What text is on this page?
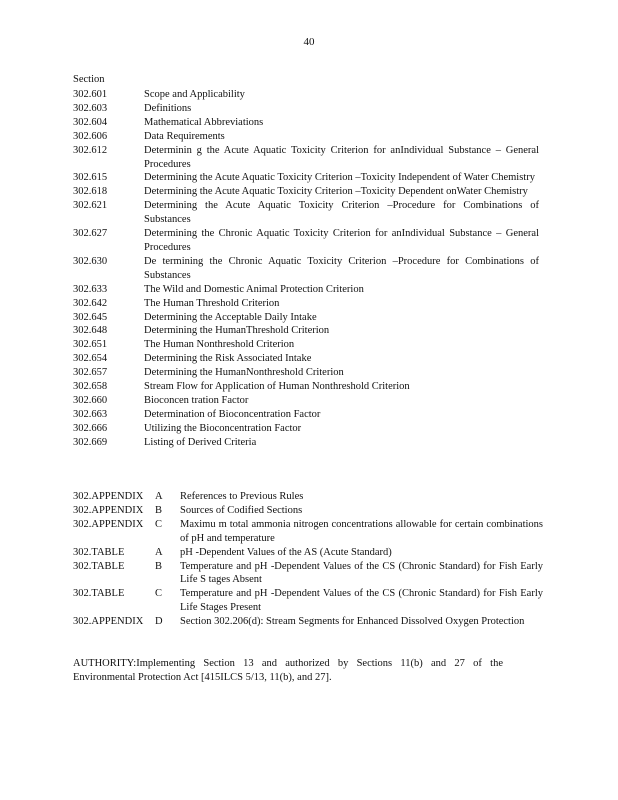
40
Section
302.601	Scope and Applicability
302.603	Definitions
302.604	Mathematical Abbreviations
302.606	Data Requirements
302.612	Determinin g the Acute Aquatic Toxicity Criterion for anIndividual Substance – General Procedures
302.615	Determining the Acute Aquatic Toxicity Criterion –Toxicity Independent of Water Chemistry
302.618	Determining the Acute Aquatic Toxicity Criterion –Toxicity Dependent onWater Chemistry
302.621	Determining the Acute Aquatic Toxicity Criterion –Procedure for Combinations of Substances
302.627	Determining the Chronic Aquatic Toxicity Criterion for anIndividual Substance – General Procedures
302.630	De termining the Chronic Aquatic Toxicity Criterion –Procedure for Combinations of Substances
302.633	The Wild and Domestic Animal Protection Criterion
302.642	The Human Threshold Criterion
302.645	Determining the Acceptable Daily Intake
302.648	Determining the HumanThreshold Criterion
302.651	The Human Nonthreshold Criterion
302.654	Determining the Risk Associated Intake
302.657	Determining the HumanNonthreshold Criterion
302.658	Stream Flow for Application of Human Nonthreshold Criterion
302.660	Bioconcen tration Factor
302.663	Determination of Bioconcentration Factor
302.666	Utilizing the Bioconcentration Factor
302.669	Listing of Derived Criteria
302.APPENDIX	A	References to Previous Rules
302.APPENDIX	B	Sources of Codified Sections
302.APPENDIX	C	Maximu m total ammonia nitrogen concentrations allowable for certain combinations of pH and temperature
302.TABLE	A	pH -Dependent Values of the AS (Acute Standard)
302.TABLE	B	Temperature and pH -Dependent Values of the CS (Chronic Standard) for Fish Early Life S tages Absent
302.TABLE	C	Temperature and pH -Dependent Values of the CS (Chronic Standard) for Fish Early Life Stages Present
302.APPENDIX	D	Section 302.206(d): Stream Segments for Enhanced Dissolved Oxygen Protection
AUTHORITY:Implementing Section 13 and authorized by Sections 11(b) and 27 of the Environmental Protection Act [415ILCS 5/13, 11(b), and 27].
